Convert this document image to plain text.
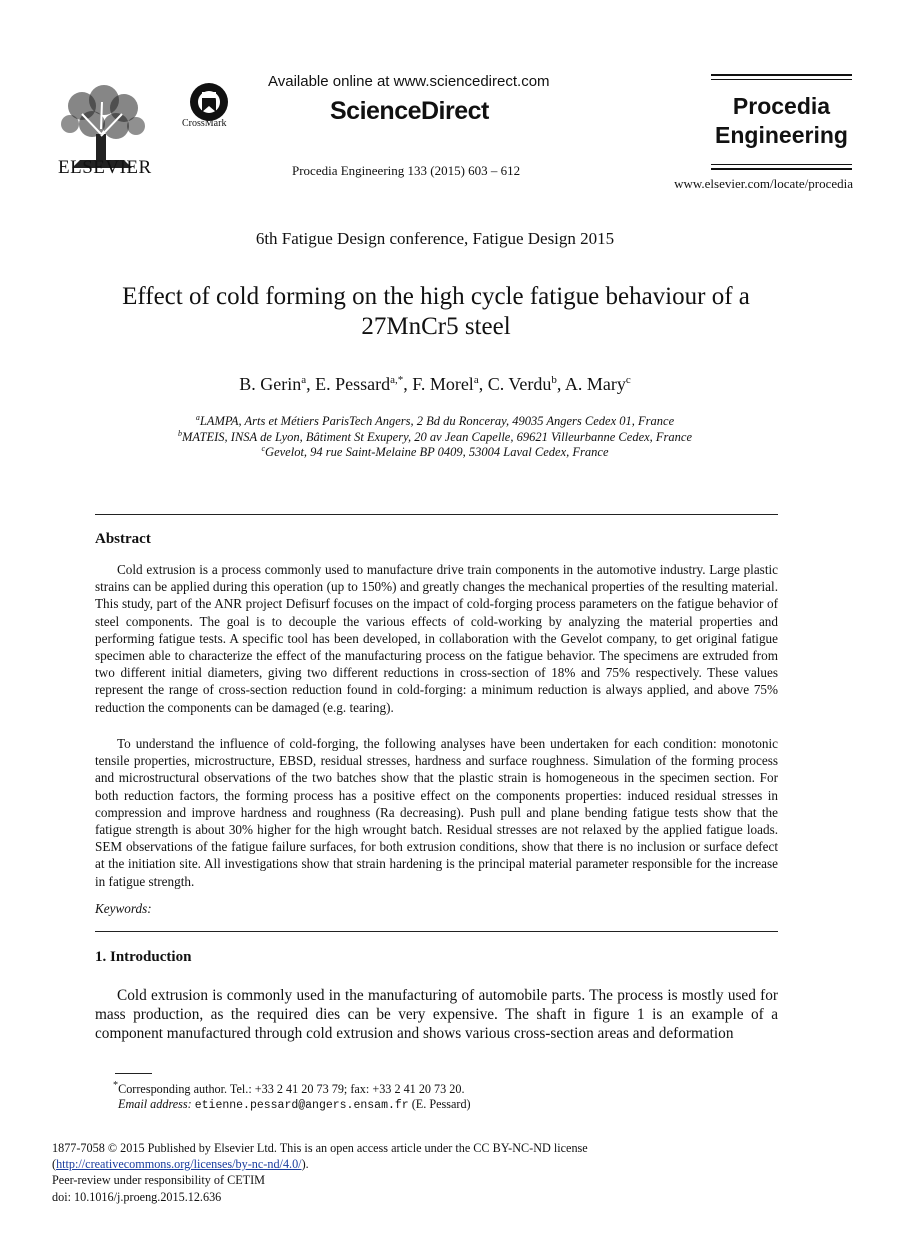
ELSEVIER
CrossMark
Available online at www.sciencedirect.com
ScienceDirect
Procedia Engineering 133 (2015) 603 – 612
Procedia
Engineering
www.elsevier.com/locate/procedia
6th Fatigue Design conference, Fatigue Design 2015
Effect of cold forming on the high cycle fatigue behaviour of a
27MnCr5 steel
B. Gerin$^a$, E. Pessard$^{a,*}$, F. Morel$^a$, C. Verdu$^b$, A. Mary$^c$
$^a$LAMPA, Arts et Métiers ParisTech Angers, 2 Bd du Ronceray, 49035 Angers Cedex 01, France
$^b$MATEIS, INSA de Lyon, Bâtiment St Exupery, 20 av Jean Capelle, 69621 Villeurbanne Cedex, France
$^c$Gevelot, 94 rue Saint-Melaine BP 0409, 53004 Laval Cedex, France
Abstract

Cold extrusion is a process commonly used to manufacture drive train components in the automotive industry. Large plastic strains can be applied during this operation (up to 150%) and greatly changes the mechanical properties of the resulting material. This study, part of the ANR project Defisurf focuses on the impact of cold-forging process parameters on the fatigue behavior of steel components. The goal is to decouple the various effects of cold-working by analyzing the material properties and performing fatigue tests. A specific tool has been developed, in collaboration with the Gevelot company, to get original fatigue specimen able to characterize the effect of the manufacturing process on the fatigue behavior. The specimens are extruded from two different initial diameters, giving two different reductions in cross-section of 18% and 75% respectively. These values represent the range of cross-section reduction found in cold-forging: a minimum reduction is always applied, and above 75% reduction the components can be damaged (e.g. tearing).

To understand the influence of cold-forging, the following analyses have been undertaken for each condition: monotonic tensile properties, microstructure, EBSD, residual stresses, hardness and surface roughness. Simulation of the forming process and microstructural observations of the two batches show that the plastic strain is homogeneous in the specimen section. For both reduction factors, the forming process has a positive effect on the components properties: induced residual stresses in compression and improve hardness and roughness (Ra decreasing). Push pull and plane bending fatigue tests show that the fatigue strength is about 30% higher for the high wrought batch. Residual stresses are not relaxed by the applied fatigue loads. SEM observations of the fatigue failure surfaces, for both extrusion conditions, show that there is no inclusion or surface defect at the initiation site. All investigations show that strain hardening is the principal material parameter responsible for the increase in fatigue strength.

Keywords:
1. Introduction

Cold extrusion is commonly used in the manufacturing of automobile parts. The process is mostly used for mass production, as the required dies can be very expensive. The shaft in figure 1 is an example of a component manufactured through cold extrusion and shows various cross-section areas and deformation

*Corresponding author. Tel.: +33 2 41 20 73 79; fax: +33 2 41 20 73 20.
Email address: etienne.pessard@angers.ensam.fr (E. Pessard)
1877-7058 © 2015 Published by Elsevier Ltd. This is an open access article under the CC BY-NC-ND license
(http://creativecommons.org/licenses/by-nc-nd/4.0/).
Peer-review under responsibility of CETIM
doi: 10.1016/j.proeng.2015.12.636
